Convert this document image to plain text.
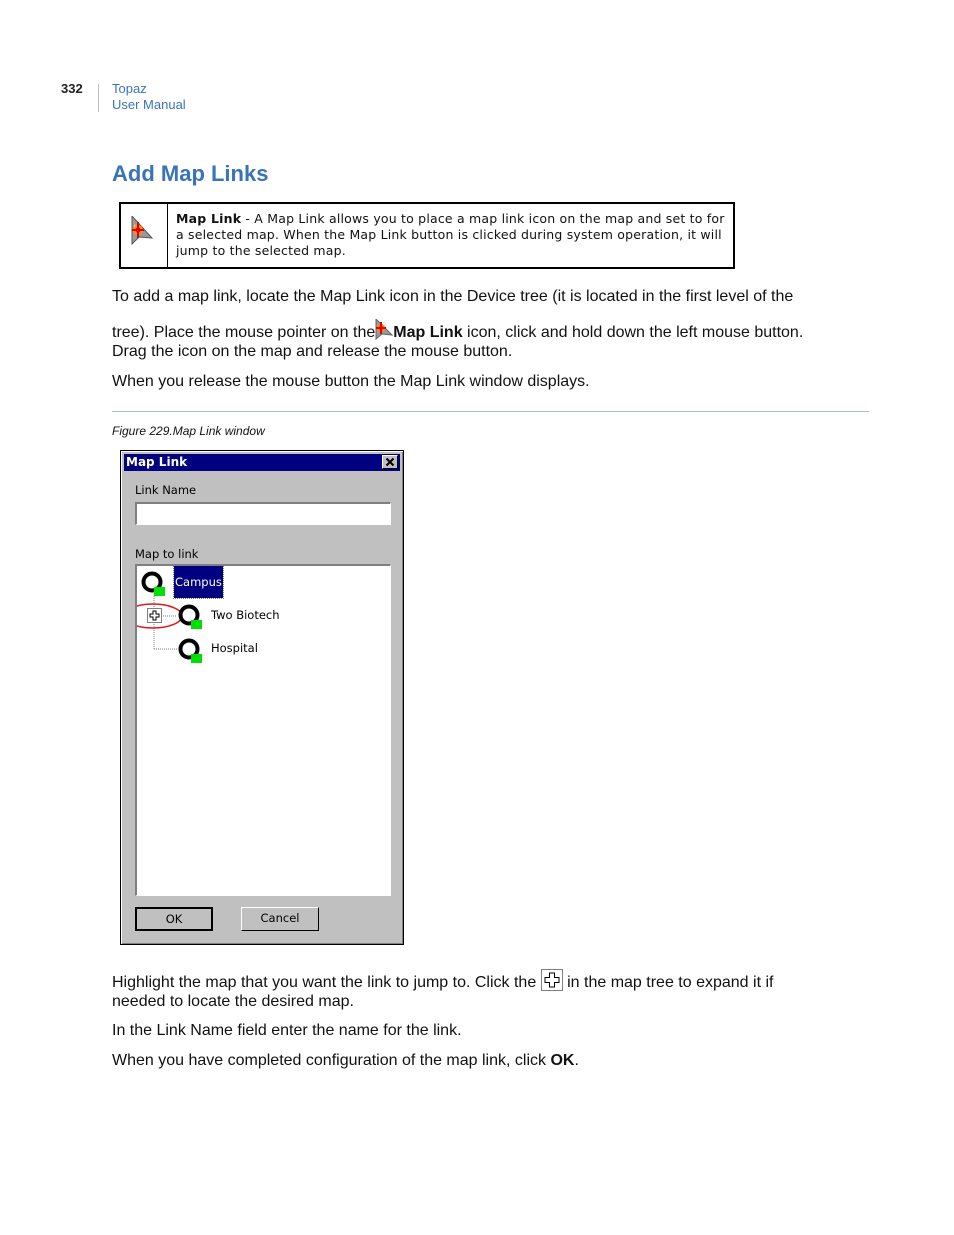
332 Topaz
User Manual
Add Map Links
Map Link - A Map Link allows you to place a map link icon on the map and set to for a selected map. When the Map Link button is clicked during system operation, it will jump to the selected map.
To add a map link, locate the Map Link icon in the Device tree (it is located in the first level of the
tree). Place the mouse pointer on the Map Link icon, click and hold down the left mouse button.
Drag the icon on the map and release the mouse button.
When you release the mouse button the Map Link window displays.
Figure 229.Map Link window
Map Link
Link Name
Map to link
Campus
Two Biotech
Hospital
OK	Cancel
Highlight the map that you want the link to jump to. Click the  in the map tree to expand it if
needed to locate the desired map.
In the Link Name field enter the name for the link.
When you have completed configuration of the map link, click OK.
